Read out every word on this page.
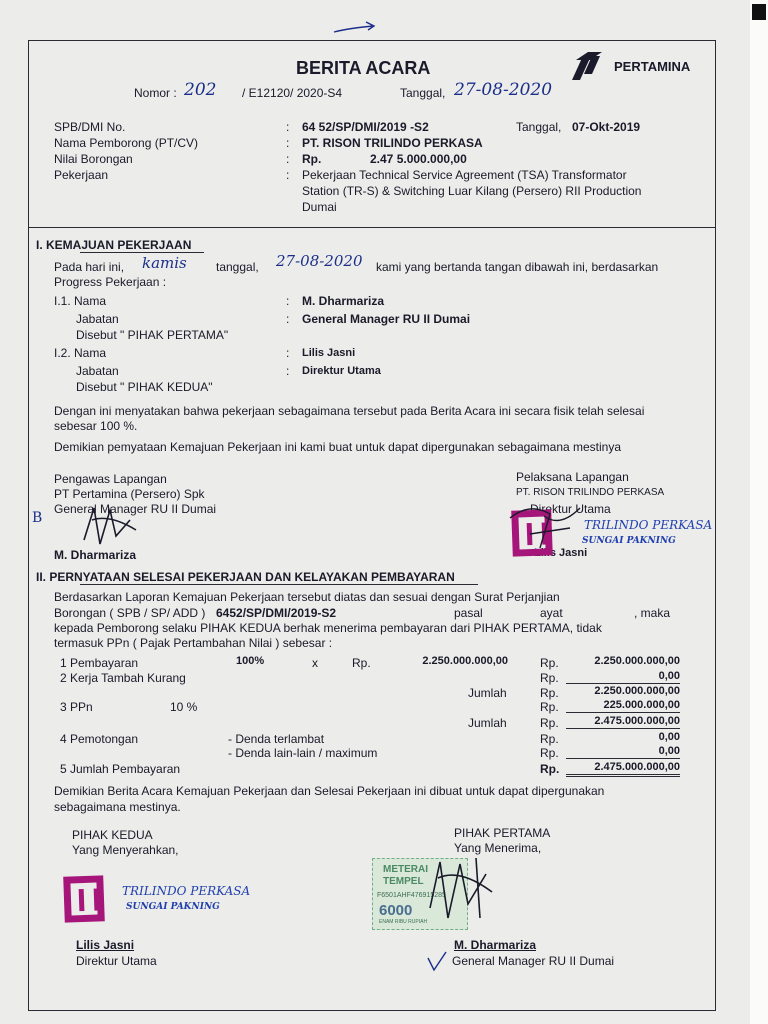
BERITA ACARA	PERTAMINA
Nomor : 202 / E12120/ 2020-S4	Tanggal, 27-08-2020
SPB/DMI No.	: 64 52/SP/DMI/2019 -S2	Tanggal, 07-Okt-2019
Nama Pemborong (PT/CV)	: PT. RISON TRILINDO PERKASA
Nilai Borongan	: Rp.	2.47 5.000.000,00
Pekerjaan	: Pekerjaan Technical Service Agreement (TSA) Transformator
Station (TR-S) & Switching Luar Kilang (Persero) RII Production
Dumai
I. KEMAJUAN PEKERJAAN
Pada hari ini, kamis tanggal, 27-08-2020 kami yang bertanda tangan dibawah ini, berdasarkan
Progress Pekerjaan :
I.1. Nama	: M. Dharmariza
Jabatan	: General Manager RU II Dumai
Disebut " PIHAK PERTAMA"
I.2. Nama	: Lilis Jasni
Jabatan	: Direktur Utama
Disebut " PIHAK KEDUA"
Dengan ini menyatakan bahwa pekerjaan sebagaimana tersebut pada Berita Acara ini secara fisik telah selesai
sebesar 100 %.
Demikian pemyataan Kemajuan Pekerjaan ini kami buat untuk dapat dipergunakan sebagaimana mestinya
Pengawas Lapangan
PT Pertamina (Persero) Spk
General Manager RU II Dumai
B
M. Dharmariza
Pelaksana Lapangan
PT. RISON TRILINDO PERKASA
Direktur Utama
Lilis Jasni
TRILINDO PERKASA
SUNGAI PAKNING
II. PERNYATAAN SELESAI PEKERJAAN DAN KELAYAKAN PEMBAYARAN
Berdasarkan Laporan Kemajuan Pekerjaan tersebut diatas dan sesuai dengan Surat Perjanjian
Borongan ( SPB / SP/ ADD ) 6452/SP/DMI/2019-S2	pasal	ayat	, maka
kepada Pemborong selaku PIHAK KEDUA berhak menerima pembayaran dari PIHAK PERTAMA, tidak
termasuk PPn ( Pajak Pertambahan Nilai ) sebesar :
1 Pembayaran	100%	x	Rp.	2.250.000.000,00	Rp.	2.250.000.000,00
2 Kerja Tambah Kurang	Rp.	0,00
Jumlah	Rp.	2.250.000.000,00
3 PPn	10 %	Rp.	225.000.000,00
Jumlah	Rp.	2.475.000.000,00
4 Pemotongan	- Denda terlambat	Rp.	0,00
- Denda lain-lain / maximum	Rp.	0,00
5 Jumlah Pembayaran	Rp.	2.475.000.000,00
Demikian Berita Acara Kemajuan Pekerjaan dan Selesai Pekerjaan ini dibuat untuk dapat dipergunakan
sebagaimana mestinya.
PIHAK KEDUA
Yang Menyerahkan,
TRILINDO PERKASA
SUNGAI PAKNING
Lilis Jasni
Direktur Utama
PIHAK PERTAMA
Yang Menerima,
METERAI
TEMPEL
F6501AHF476915285
6000
ENAM RIBU RUPIAH
M. Dharmariza
General Manager RU II Dumai
